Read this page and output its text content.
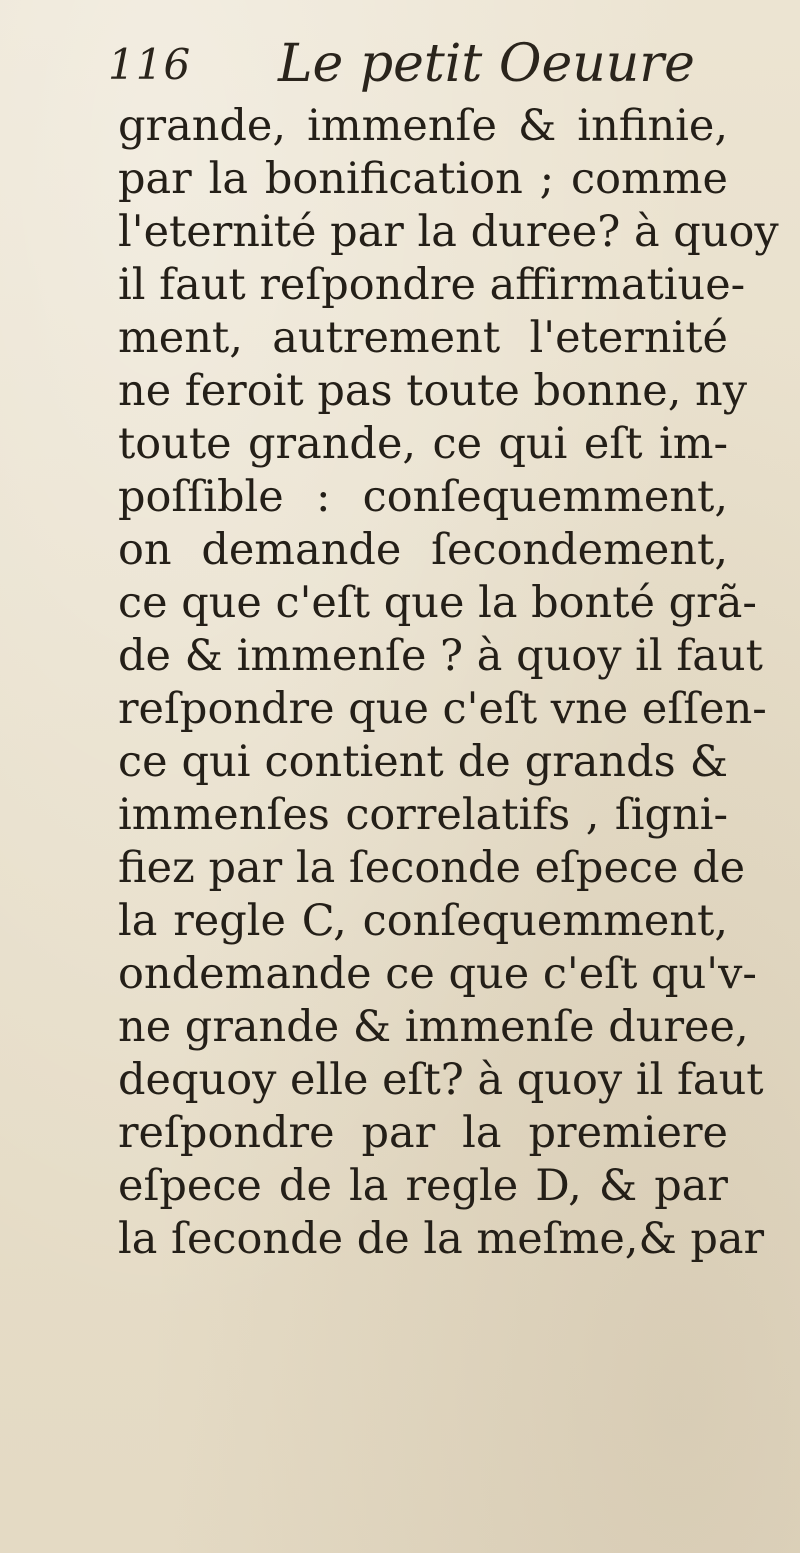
116 Le petit Oeuure
grande, immenſe & infinie,
par la bonification ; comme
l'eternité par la duree? à quoy
il faut reſpondre affirmatiue-
ment, autrement l'eternité
ne feroit pas toute bonne, ny
toute grande, ce qui eſt im-
poſſible : conſequemment,
on demande ſecondement,
ce que c'eſt que la bonté grã-
de & immenſe ? à quoy il faut
reſpondre que c'eſt vne eſſen-
ce qui contient de grands &
immenſes correlatifs , ſigni-
fiez par la ſeconde eſpece de
la regle C, conſequemment,
ondemande ce que c'eſt qu'v-
ne grande & immenſe duree,
dequoy elle eſt? à quoy il faut
reſpondre par la premiere
eſpece de la regle D, & par
la ſeconde de la meſme,& par
